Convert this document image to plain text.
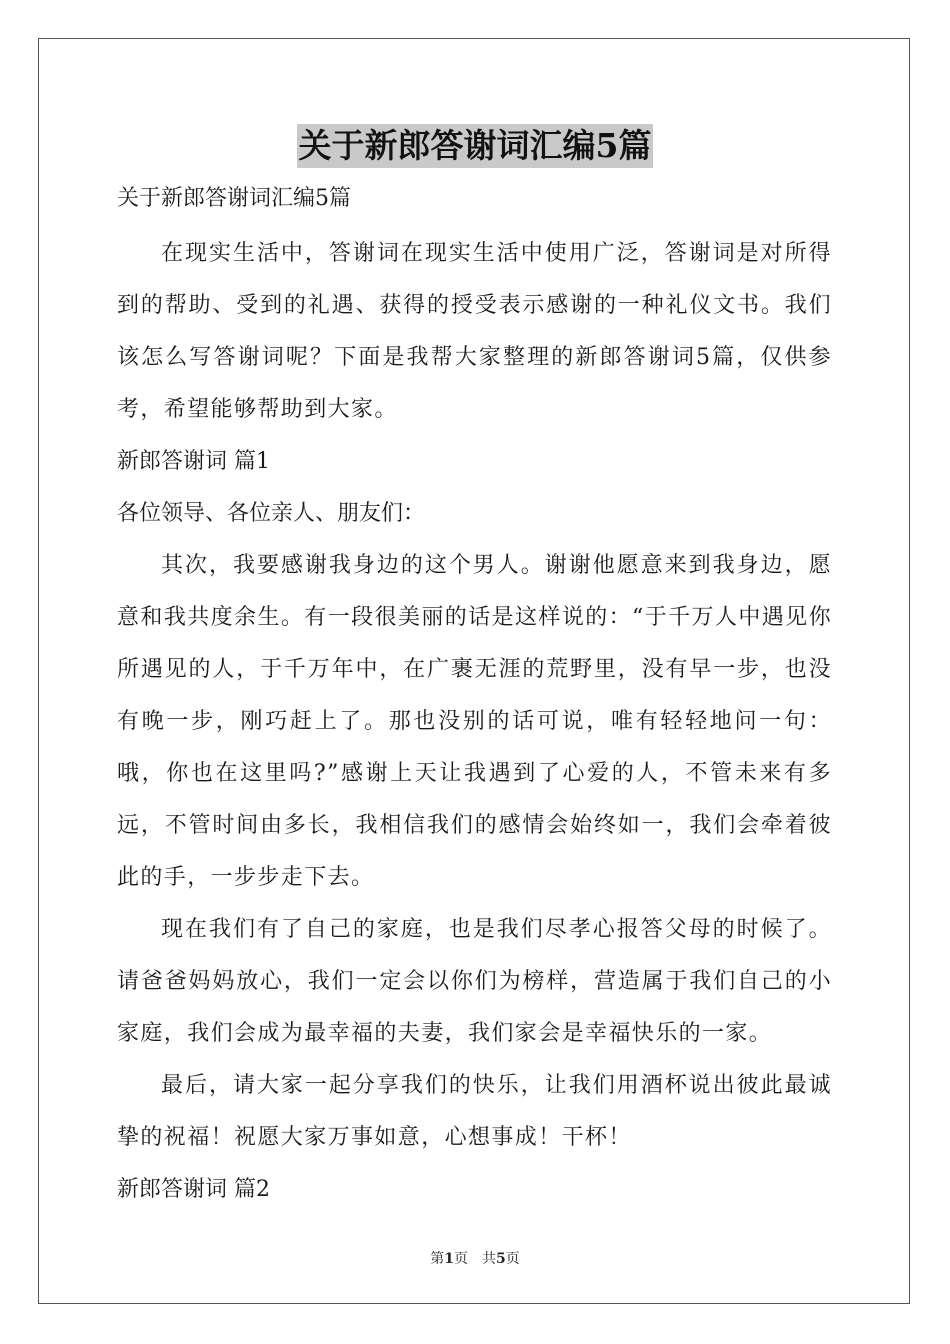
关于新郎答谢词汇编5篇

关于新郎答谢词汇编5篇

在现实生活中，答谢词在现实生活中使用广泛，答谢词是对所得到的帮助、受到的礼遇、获得的授受表示感谢的一种礼仪文书。我们该怎么写答谢词呢？下面是我帮大家整理的新郎答谢词5篇，仅供参考，希望能够帮助到大家。

新郎答谢词 篇1

各位领导、各位亲人、朋友们：

其次，我要感谢我身边的这个男人。谢谢他愿意来到我身边，愿意和我共度余生。有一段很美丽的话是这样说的：“于千万人中遇见你所遇见的人，于千万年中，在广裹无涯的荒野里，没有早一步，也没有晚一步，刚巧赶上了。那也没别的话可说，唯有轻轻地问一句：哦，你也在这里吗?”感谢上天让我遇到了心爱的人，不管未来有多远，不管时间由多长，我相信我们的感情会始终如一，我们会牵着彼此的手，一步步走下去。

现在我们有了自己的家庭，也是我们尽孝心报答父母的时候了。请爸爸妈妈放心，我们一定会以你们为榜样，营造属于我们自己的小家庭，我们会成为最幸福的夫妻，我们家会是幸福快乐的一家。

最后，请大家一起分享我们的快乐，让我们用酒杯说出彼此最诚挚的祝福！祝愿大家万事如意，心想事成！干杯！

新郎答谢词 篇2

第1页　共5页
